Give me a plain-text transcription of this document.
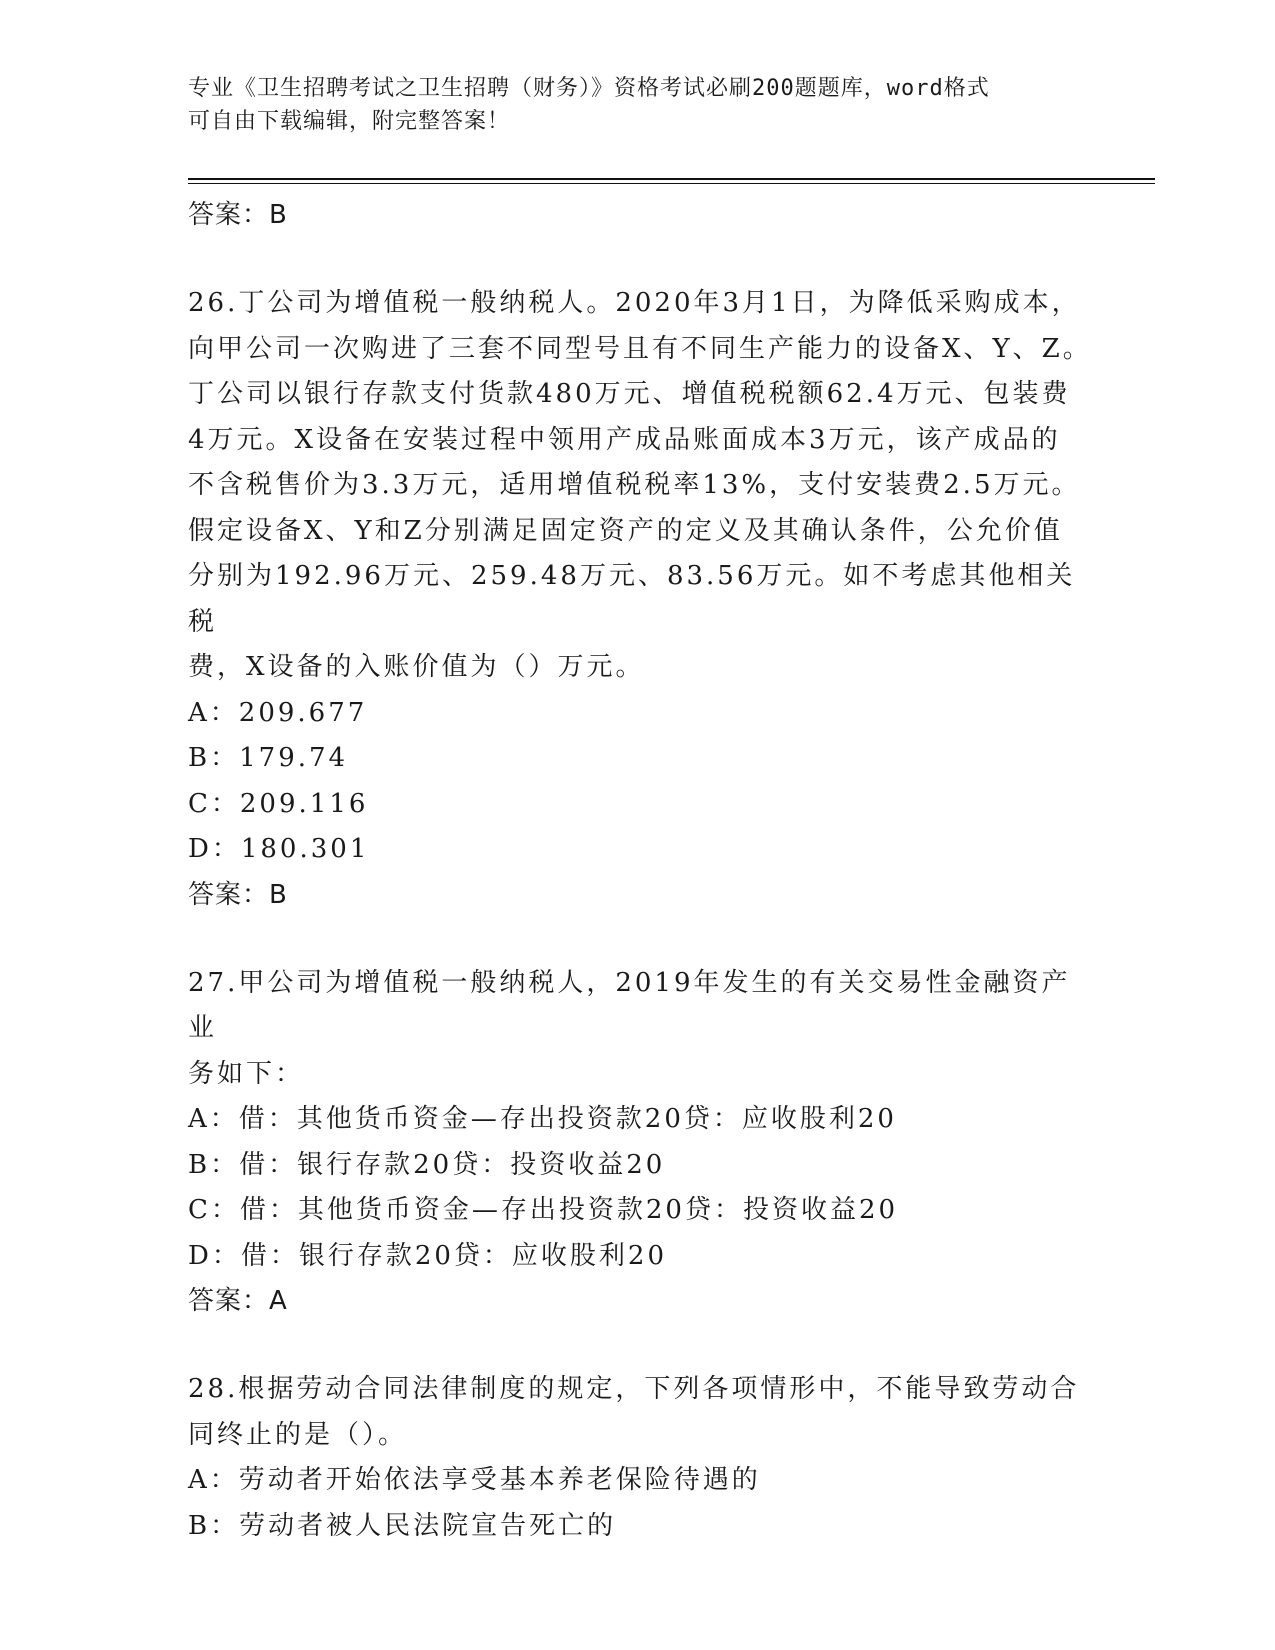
专业《卫生招聘考试之卫生招聘（财务）》资格考试必刷200题题库，word格式
可自由下载编辑，附完整答案！
答案：B
26.丁公司为增值税一般纳税人。2020年3月1日，为降低采购成本，
向甲公司一次购进了三套不同型号且有不同生产能力的设备X、Y、Z。
丁公司以银行存款支付货款480万元、增值税税额62.4万元、包装费
4万元。X设备在安装过程中领用产成品账面成本3万元，该产成品的
不含税售价为3.3万元，适用增值税税率13%，支付安装费2.5万元。
假定设备X、Y和Z分别满足固定资产的定义及其确认条件，公允价值
分别为192.96万元、259.48万元、83.56万元。如不考虑其他相关税
费，X设备的入账价值为（）万元。
A：209.677
B：179.74
C：209.116
D：180.301
答案：B
27.甲公司为增值税一般纳税人，2019年发生的有关交易性金融资产业
务如下：
A：借：其他货币资金—存出投资款20贷：应收股利20
B：借：银行存款20贷：投资收益20
C：借：其他货币资金—存出投资款20贷：投资收益20
D：借：银行存款20贷：应收股利20
答案：A
28.根据劳动合同法律制度的规定，下列各项情形中，不能导致劳动合
同终止的是（）。
A：劳动者开始依法享受基本养老保险待遇的
B：劳动者被人民法院宣告死亡的
